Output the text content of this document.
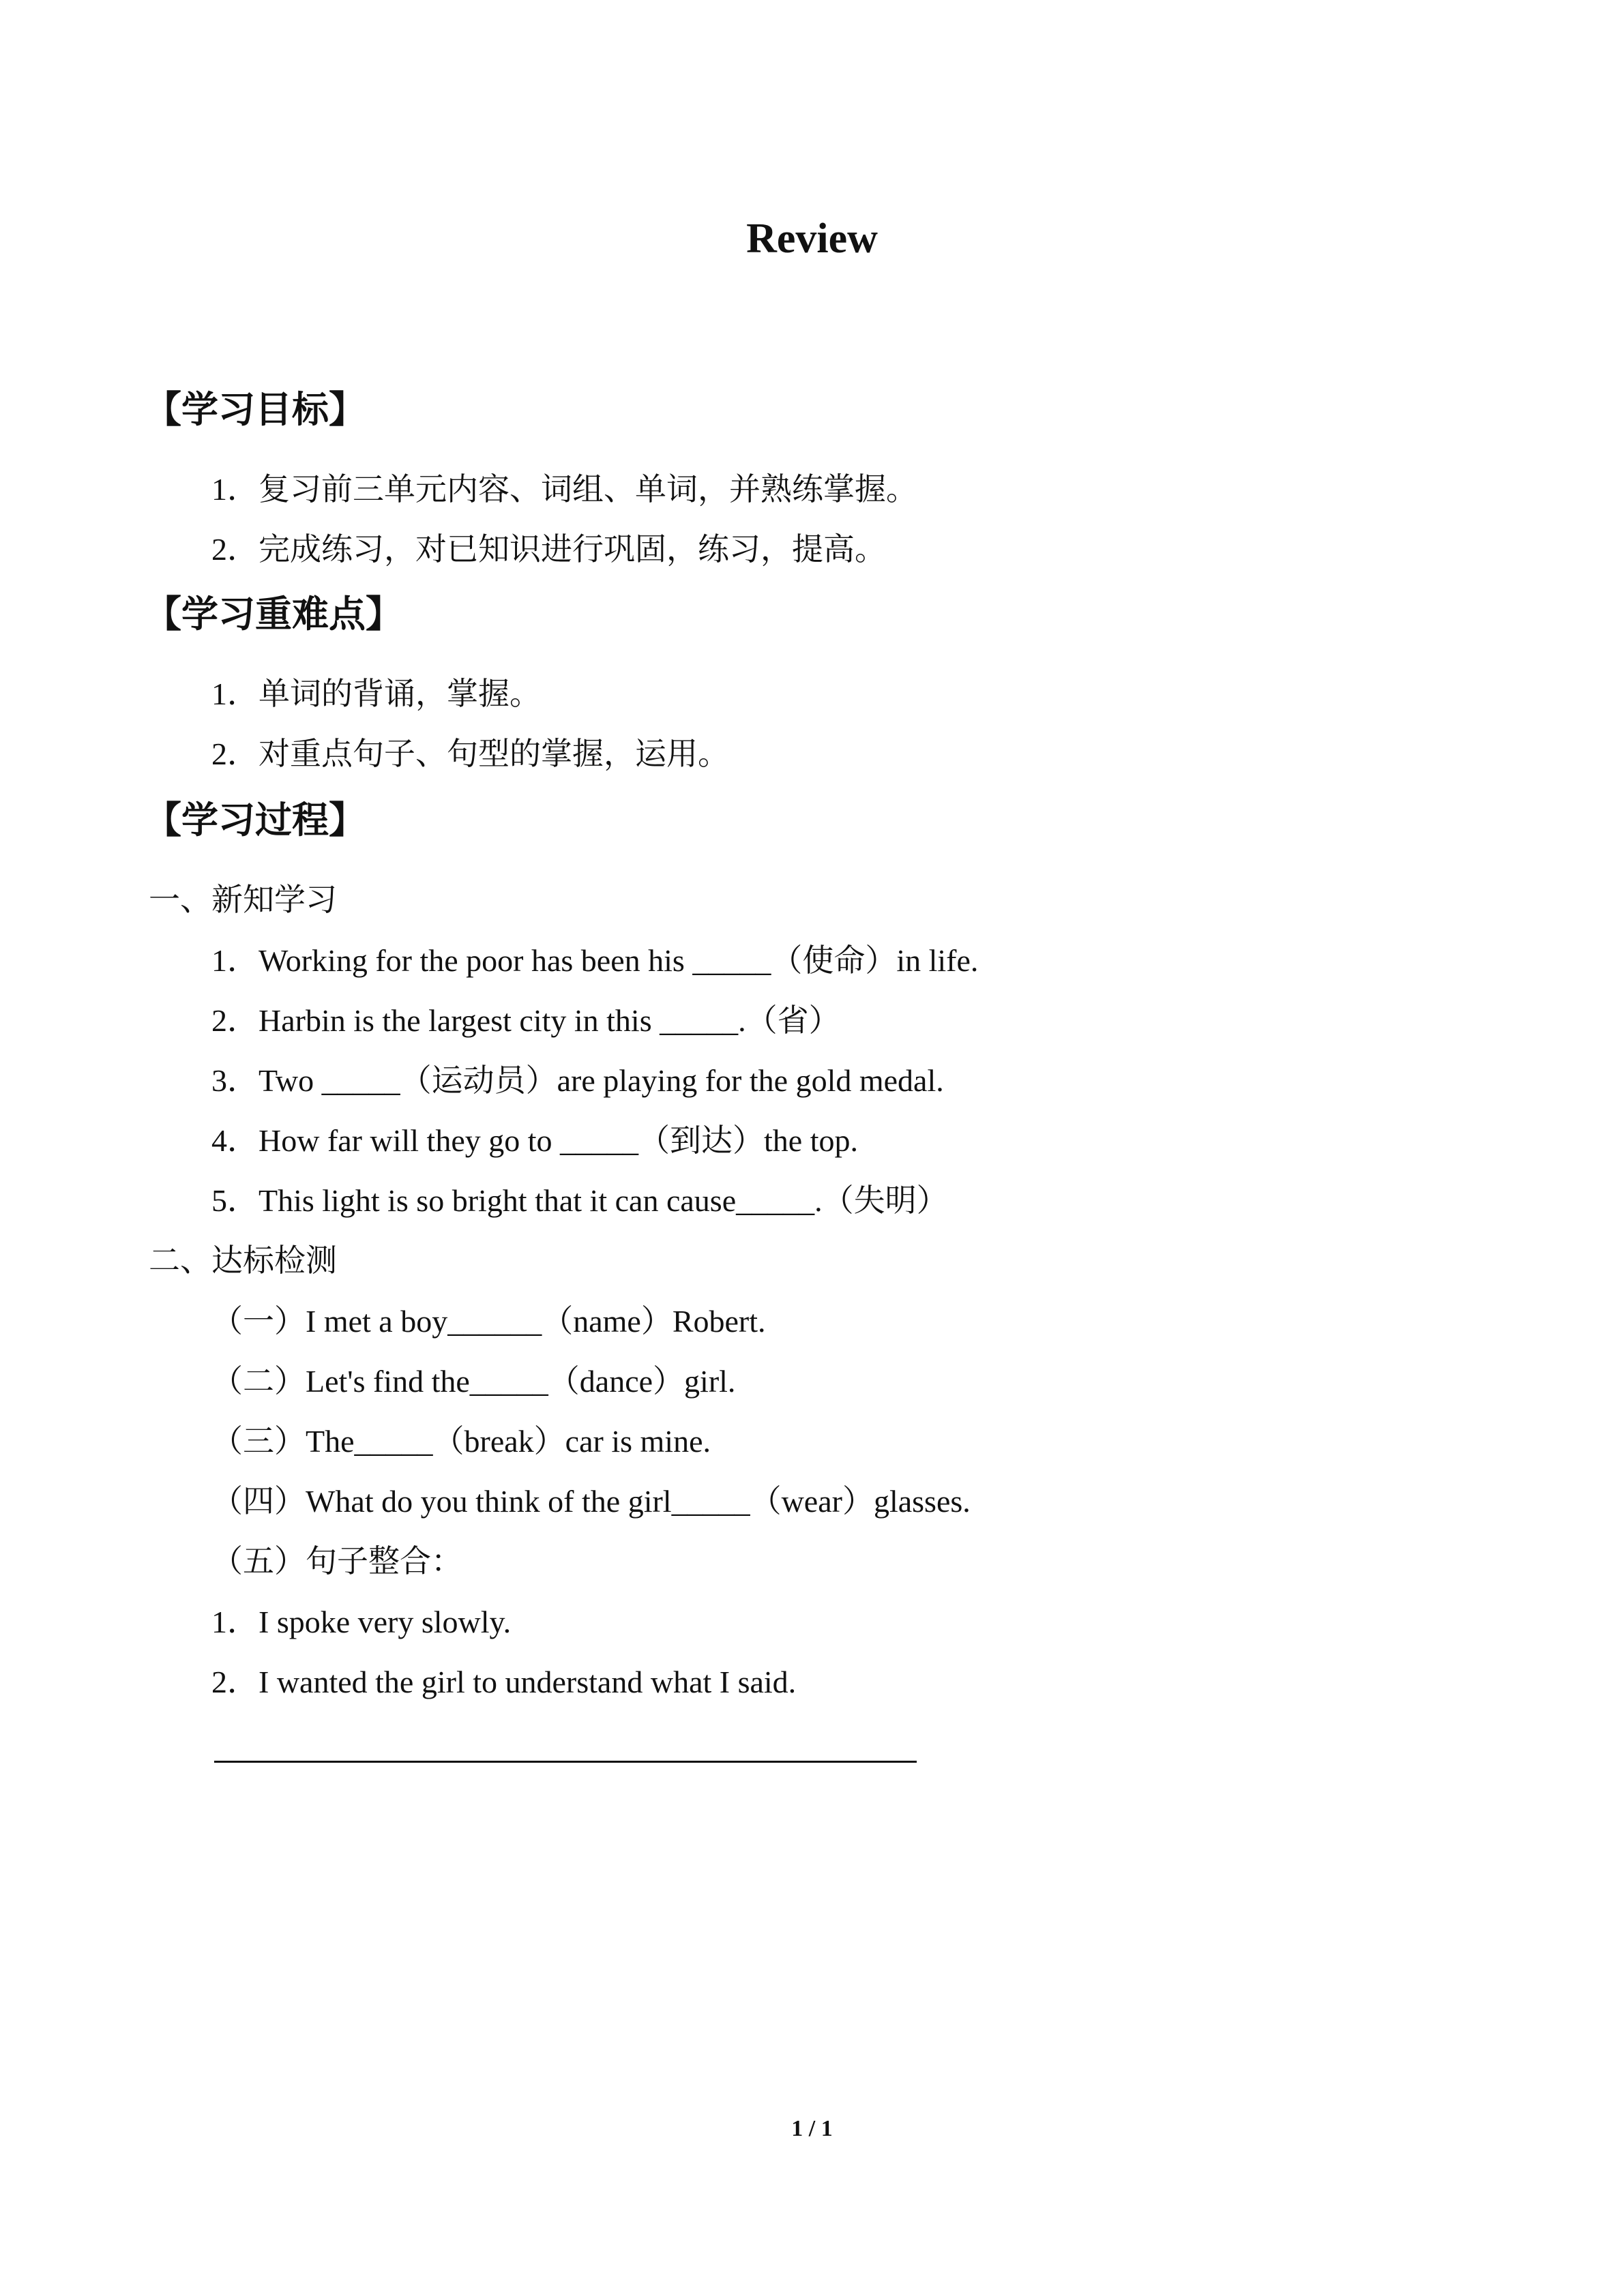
Review
【学习目标】
1．复习前三单元内容、词组、单词，并熟练掌握。
2．完成练习，对已知识进行巩固，练习，提高。
【学习重难点】
1．单词的背诵，掌握。
2．对重点句子、句型的掌握，运用。
【学习过程】
一、新知学习
1．Working for the poor has been his _____（使命）in life.
2．Harbin is the largest city in this _____.（省）
3．Two _____（运动员）are playing for the gold medal.
4．How far will they go to _____（到达）the top.
5．This light is so bright that it can cause_____.（失明）
二、达标检测
（一）I met a boy______（name）Robert.
（二）Let's find the_____（dance）girl.
（三）The_____（break）car is mine.
（四）What do you think of the girl_____（wear）glasses.
（五）句子整合：
1．I spoke very slowly.
2．I wanted the girl to understand what I said.
1 / 1
